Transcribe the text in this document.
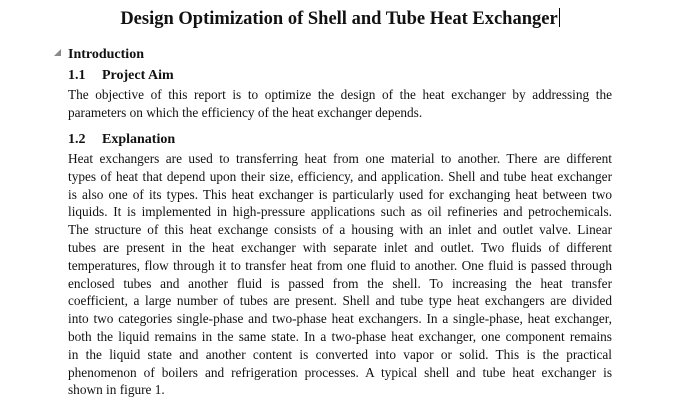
Design Optimization of Shell and Tube Heat Exchanger
Introduction
1.1 Project Aim
The objective of this report is to optimize the design of the heat exchanger by addressing the
parameters on which the efficiency of the heat exchanger depends.
1.2 Explanation
Heat exchangers are used to transferring heat from one material to another. There are different
types of heat that depend upon their size, efficiency, and application. Shell and tube heat exchanger
is also one of its types. This heat exchanger is particularly used for exchanging heat between two
liquids. It is implemented in high-pressure applications such as oil refineries and petrochemicals.
The structure of this heat exchange consists of a housing with an inlet and outlet valve. Linear
tubes are present in the heat exchanger with separate inlet and outlet. Two fluids of different
temperatures, flow through it to transfer heat from one fluid to another. One fluid is passed through
enclosed tubes and another fluid is passed from the shell. To increasing the heat transfer
coefficient, a large number of tubes are present. Shell and tube type heat exchangers are divided
into two categories single-phase and two-phase heat exchangers. In a single-phase, heat exchanger,
both the liquid remains in the same state. In a two-phase heat exchanger, one component remains
in the liquid state and another content is converted into vapor or solid. This is the practical
phenomenon of boilers and refrigeration processes. A typical shell and tube heat exchanger is
shown in figure 1.
